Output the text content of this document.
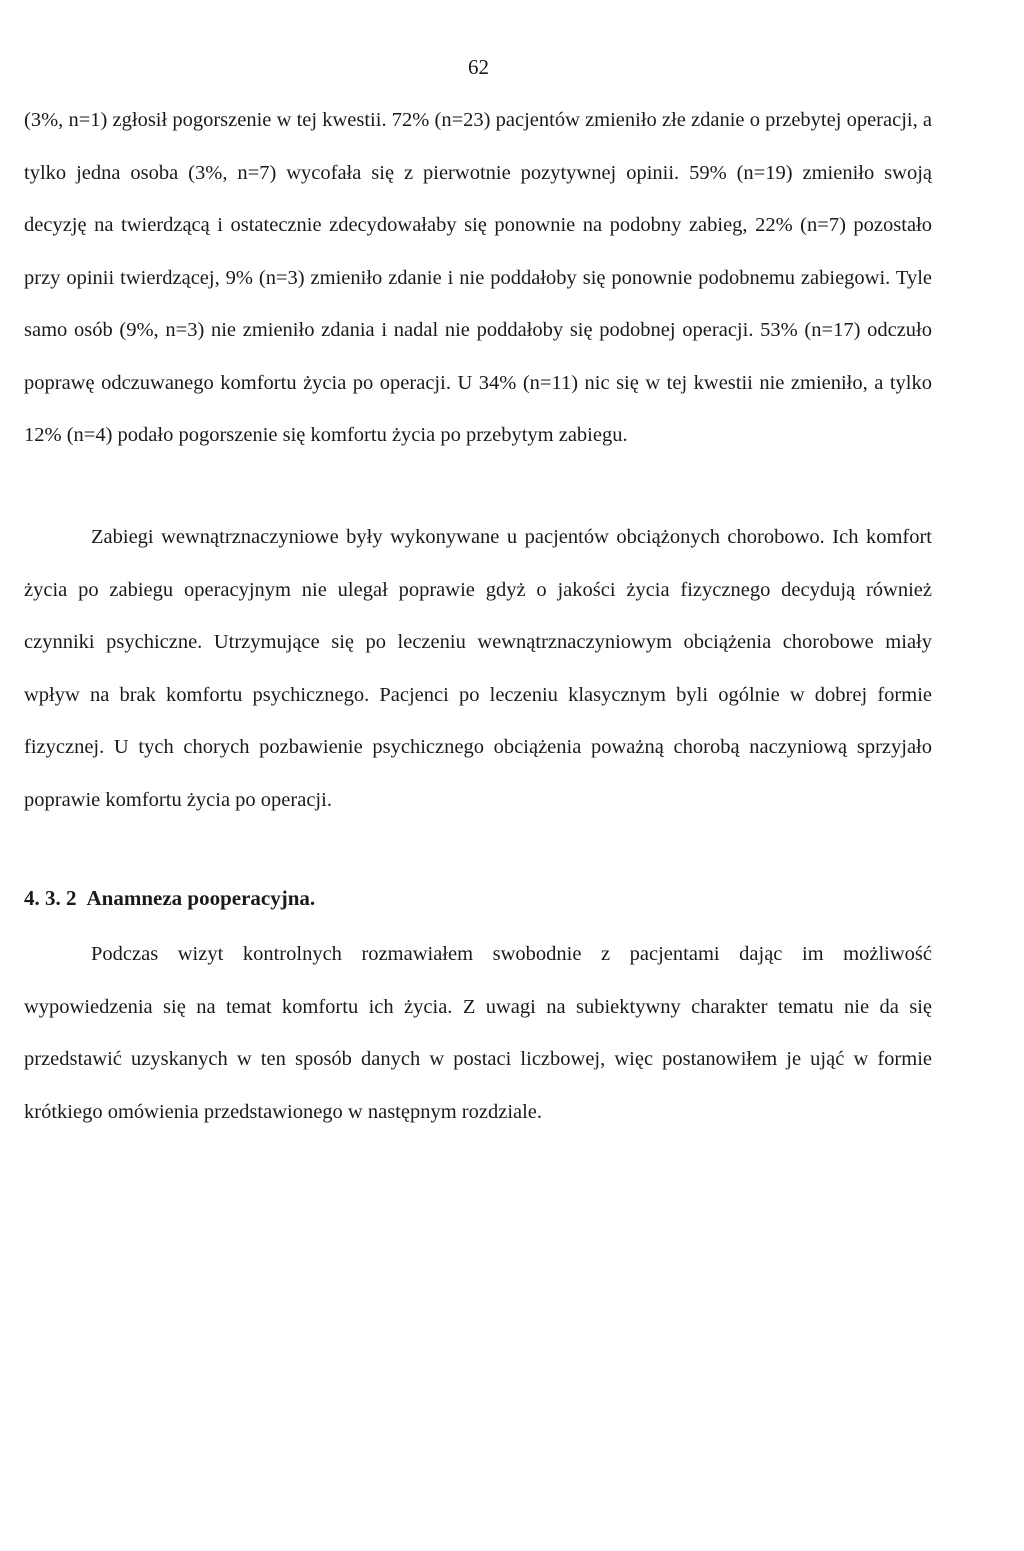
62

(3%, n=1) zgłosił pogorszenie w tej kwestii. 72% (n=23) pacjentów zmieniło złe zdanie o przebytej operacji, a tylko jedna osoba (3%, n=7) wycofała się z pierwotnie pozytywnej opinii. 59% (n=19) zmieniło swoją decyzję na twierdzącą i ostatecznie zdecydowałaby się ponownie na podobny zabieg, 22% (n=7) pozostało przy opinii twierdzącej, 9% (n=3) zmieniło zdanie i nie poddałoby się ponownie podobnemu zabiegowi. Tyle samo osób (9%, n=3) nie zmieniło zdania i nadal nie poddałoby się podobnej operacji. 53% (n=17) odczuło poprawę odczuwanego komfortu życia po operacji. U 34% (n=11) nic się w tej kwestii nie zmieniło, a tylko 12% (n=4) podało pogorszenie się komfortu życia po przebytym zabiegu.

Zabiegi wewnątrznaczyniowe były wykonywane u pacjentów obciążonych chorobowo. Ich komfort życia po zabiegu operacyjnym nie ulegał poprawie gdyż o jakości życia fizycznego decydują również czynniki psychiczne. Utrzymujące się po leczeniu wewnątrznaczyniowym obciążenia chorobowe miały wpływ na brak komfortu psychicznego. Pacjenci po leczeniu klasycznym byli ogólnie w dobrej formie fizycznej. U tych chorych pozbawienie psychicznego obciążenia poważną chorobą naczyniową sprzyjało poprawie komfortu życia po operacji.

4. 3. 2 Anamneza pooperacyjna.

Podczas wizyt kontrolnych rozmawiałem swobodnie z pacjentami dając im możliwość wypowiedzenia się na temat komfortu ich życia. Z uwagi na subiektywny charakter tematu nie da się przedstawić uzyskanych w ten sposób danych w postaci liczbowej, więc postanowiłem je ująć w formie krótkiego omówienia przedstawionego w następnym rozdziale.
